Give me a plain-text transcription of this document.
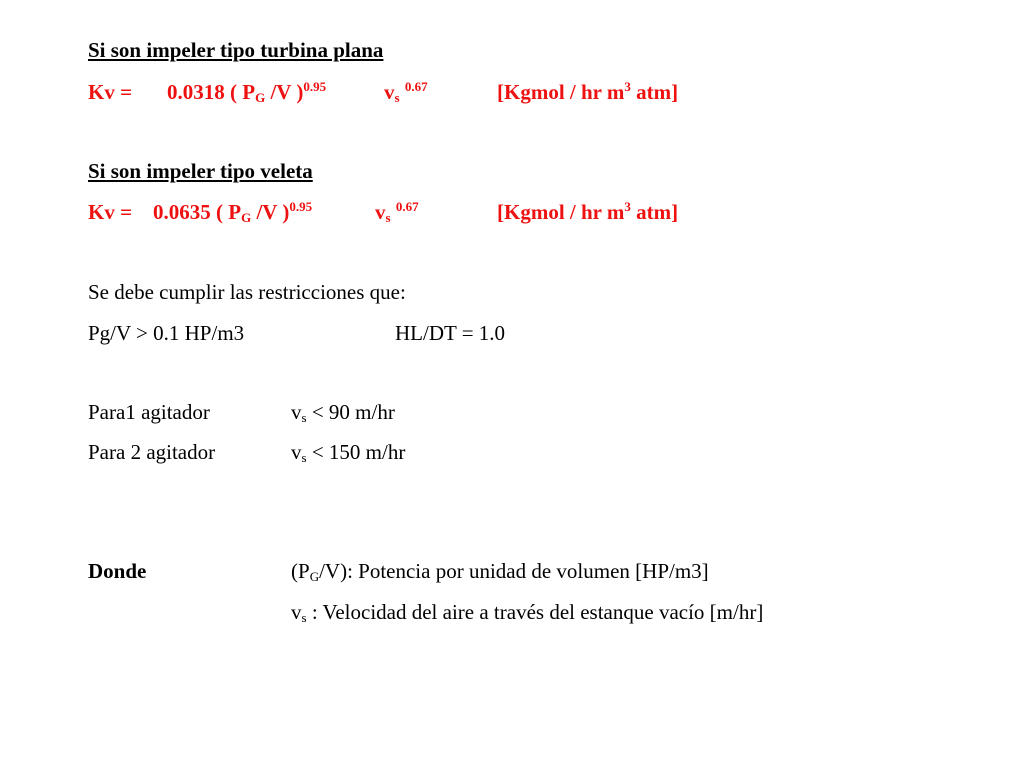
Si son impeler tipo turbina plana
Kv = 0.0318 ( $P_G$ /V )$^{0.95}$	$v_s$ $^{0.67}$	[Kgmol / hr $m^3$ atm]
Si son impeler tipo veleta
Kv = 0.0635 ( $P_G$ /V )$^{0.95}$	$v_s$ $^{0.67}$	[Kgmol / hr $m^3$ atm]
Se debe cumplir las restricciones que:
Pg/V > 0.1 HP/m3	HL/DT = 1.0
Para1 agitador	$v_s < 90$ m/hr
Para 2 agitador	$v_s < 150$ m/hr
Donde	$(P_G/V)$: Potencia por unidad de volumen [HP/m3]
$v_s$ : Velocidad del aire a través del estanque vacío [m/hr]
